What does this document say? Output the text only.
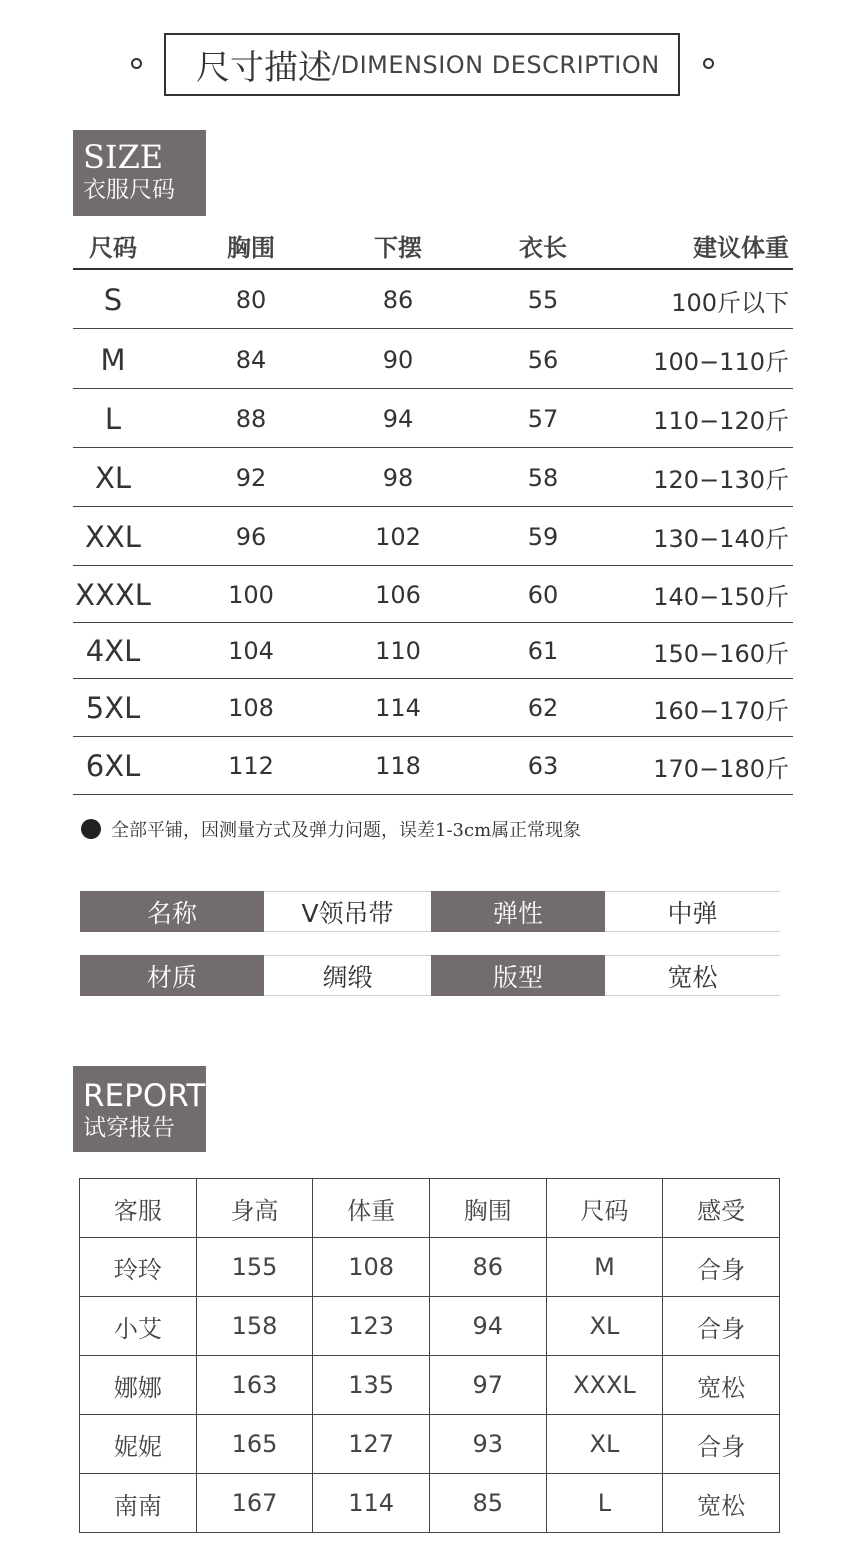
尺寸描述 /DIMENSION DESCRIPTION
SIZE
衣服尺码
尺码	胸围	下摆	衣长	建议体重
S	80	86	55	100斤以下
M	84	90	56	100−110斤
L	88	94	57	110−120斤
XL	92	98	58	120−130斤
XXL	96	102	59	130−140斤
XXXL	100	106	60	140−150斤
4XL	104	110	61	150−160斤
5XL	108	114	62	160−170斤
6XL	112	118	63	170−180斤
全部平铺，因测量方式及弹力问题，误差1-3cm属正常现象
名称	V领吊带	弹性	中弹
材质	绸缎	版型	宽松
REPORT
试穿报告
客服	身高	体重	胸围	尺码	感受
玲玲	155	108	86	M	合身
小艾	158	123	94	XL	合身
娜娜	163	135	97	XXXL	宽松
妮妮	165	127	93	XL	合身
南南	167	114	85	L	宽松
